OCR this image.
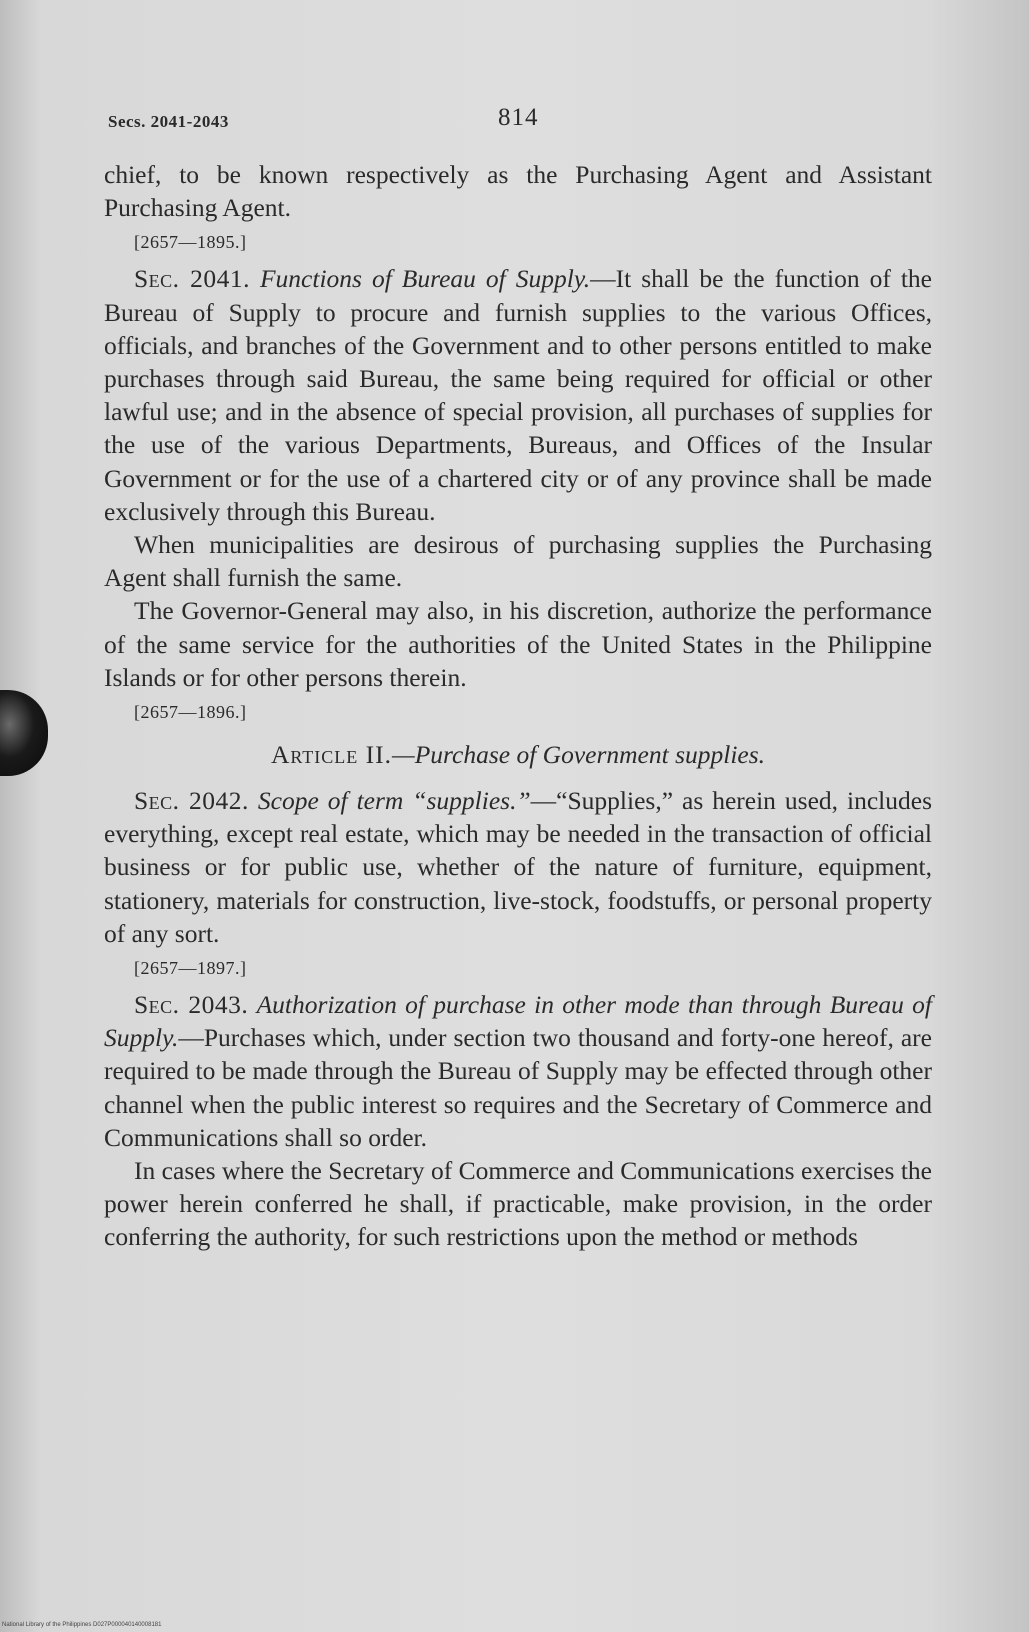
Secs. 2041-2043	814

chief, to be known respectively as the Purchasing Agent and Assistant Purchasing Agent.

[2657—1895.]

Sec. 2041. Functions of Bureau of Supply.—It shall be the function of the Bureau of Supply to procure and furnish supplies to the various Offices, officials, and branches of the Government and to other persons entitled to make purchases through said Bureau, the same being required for official or other lawful use; and in the absence of special provision, all purchases of supplies for the use of the various Departments, Bureaus, and Offices of the Insular Government or for the use of a chartered city or of any province shall be made exclusively through this Bureau.

When municipalities are desirous of purchasing supplies the Purchasing Agent shall furnish the same.

The Governor-General may also, in his discretion, authorize the performance of the same service for the authorities of the United States in the Philippine Islands or for other persons therein.

[2657—1896.]
Article II.—Purchase of Government supplies.

Sec. 2042. Scope of term “supplies.”—“Supplies,” as herein used, includes everything, except real estate, which may be needed in the transaction of official business or for public use, whether of the nature of furniture, equipment, stationery, materials for construction, live-stock, foodstuffs, or personal property of any sort.

[2657—1897.]

Sec. 2043. Authorization of purchase in other mode than through Bureau of Supply.—Purchases which, under section two thousand and forty-one hereof, are required to be made through the Bureau of Supply may be effected through other channel when the public interest so requires and the Secretary of Commerce and Communications shall so order.

In cases where the Secretary of Commerce and Communications exercises the power herein conferred he shall, if practicable, make provision, in the order conferring the authority, for such restrictions upon the method or methods

National Library of the Philippines D027P000040140008181
